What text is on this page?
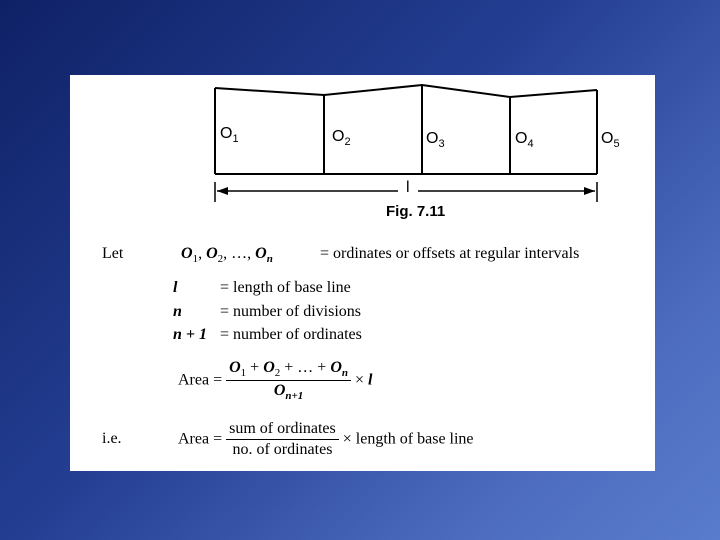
$O_1$	$O_2$	$O_3$	$O_4$	$O_5$
l
Fig. 7.11
Let	$O_1$, $O_2$, …, $O_n$	= ordinates or offsets at regular intervals
l	= length of base line
n = number of divisions
n + 1 = number of ordinates
Area = $\frac{O_1 + O_2 + \dots + O_n}{O_{n+1}} \times l$
i.e.	Area = $\frac{\text{sum of ordinates}}{\text{no. of ordinates}}$ × length of base line
